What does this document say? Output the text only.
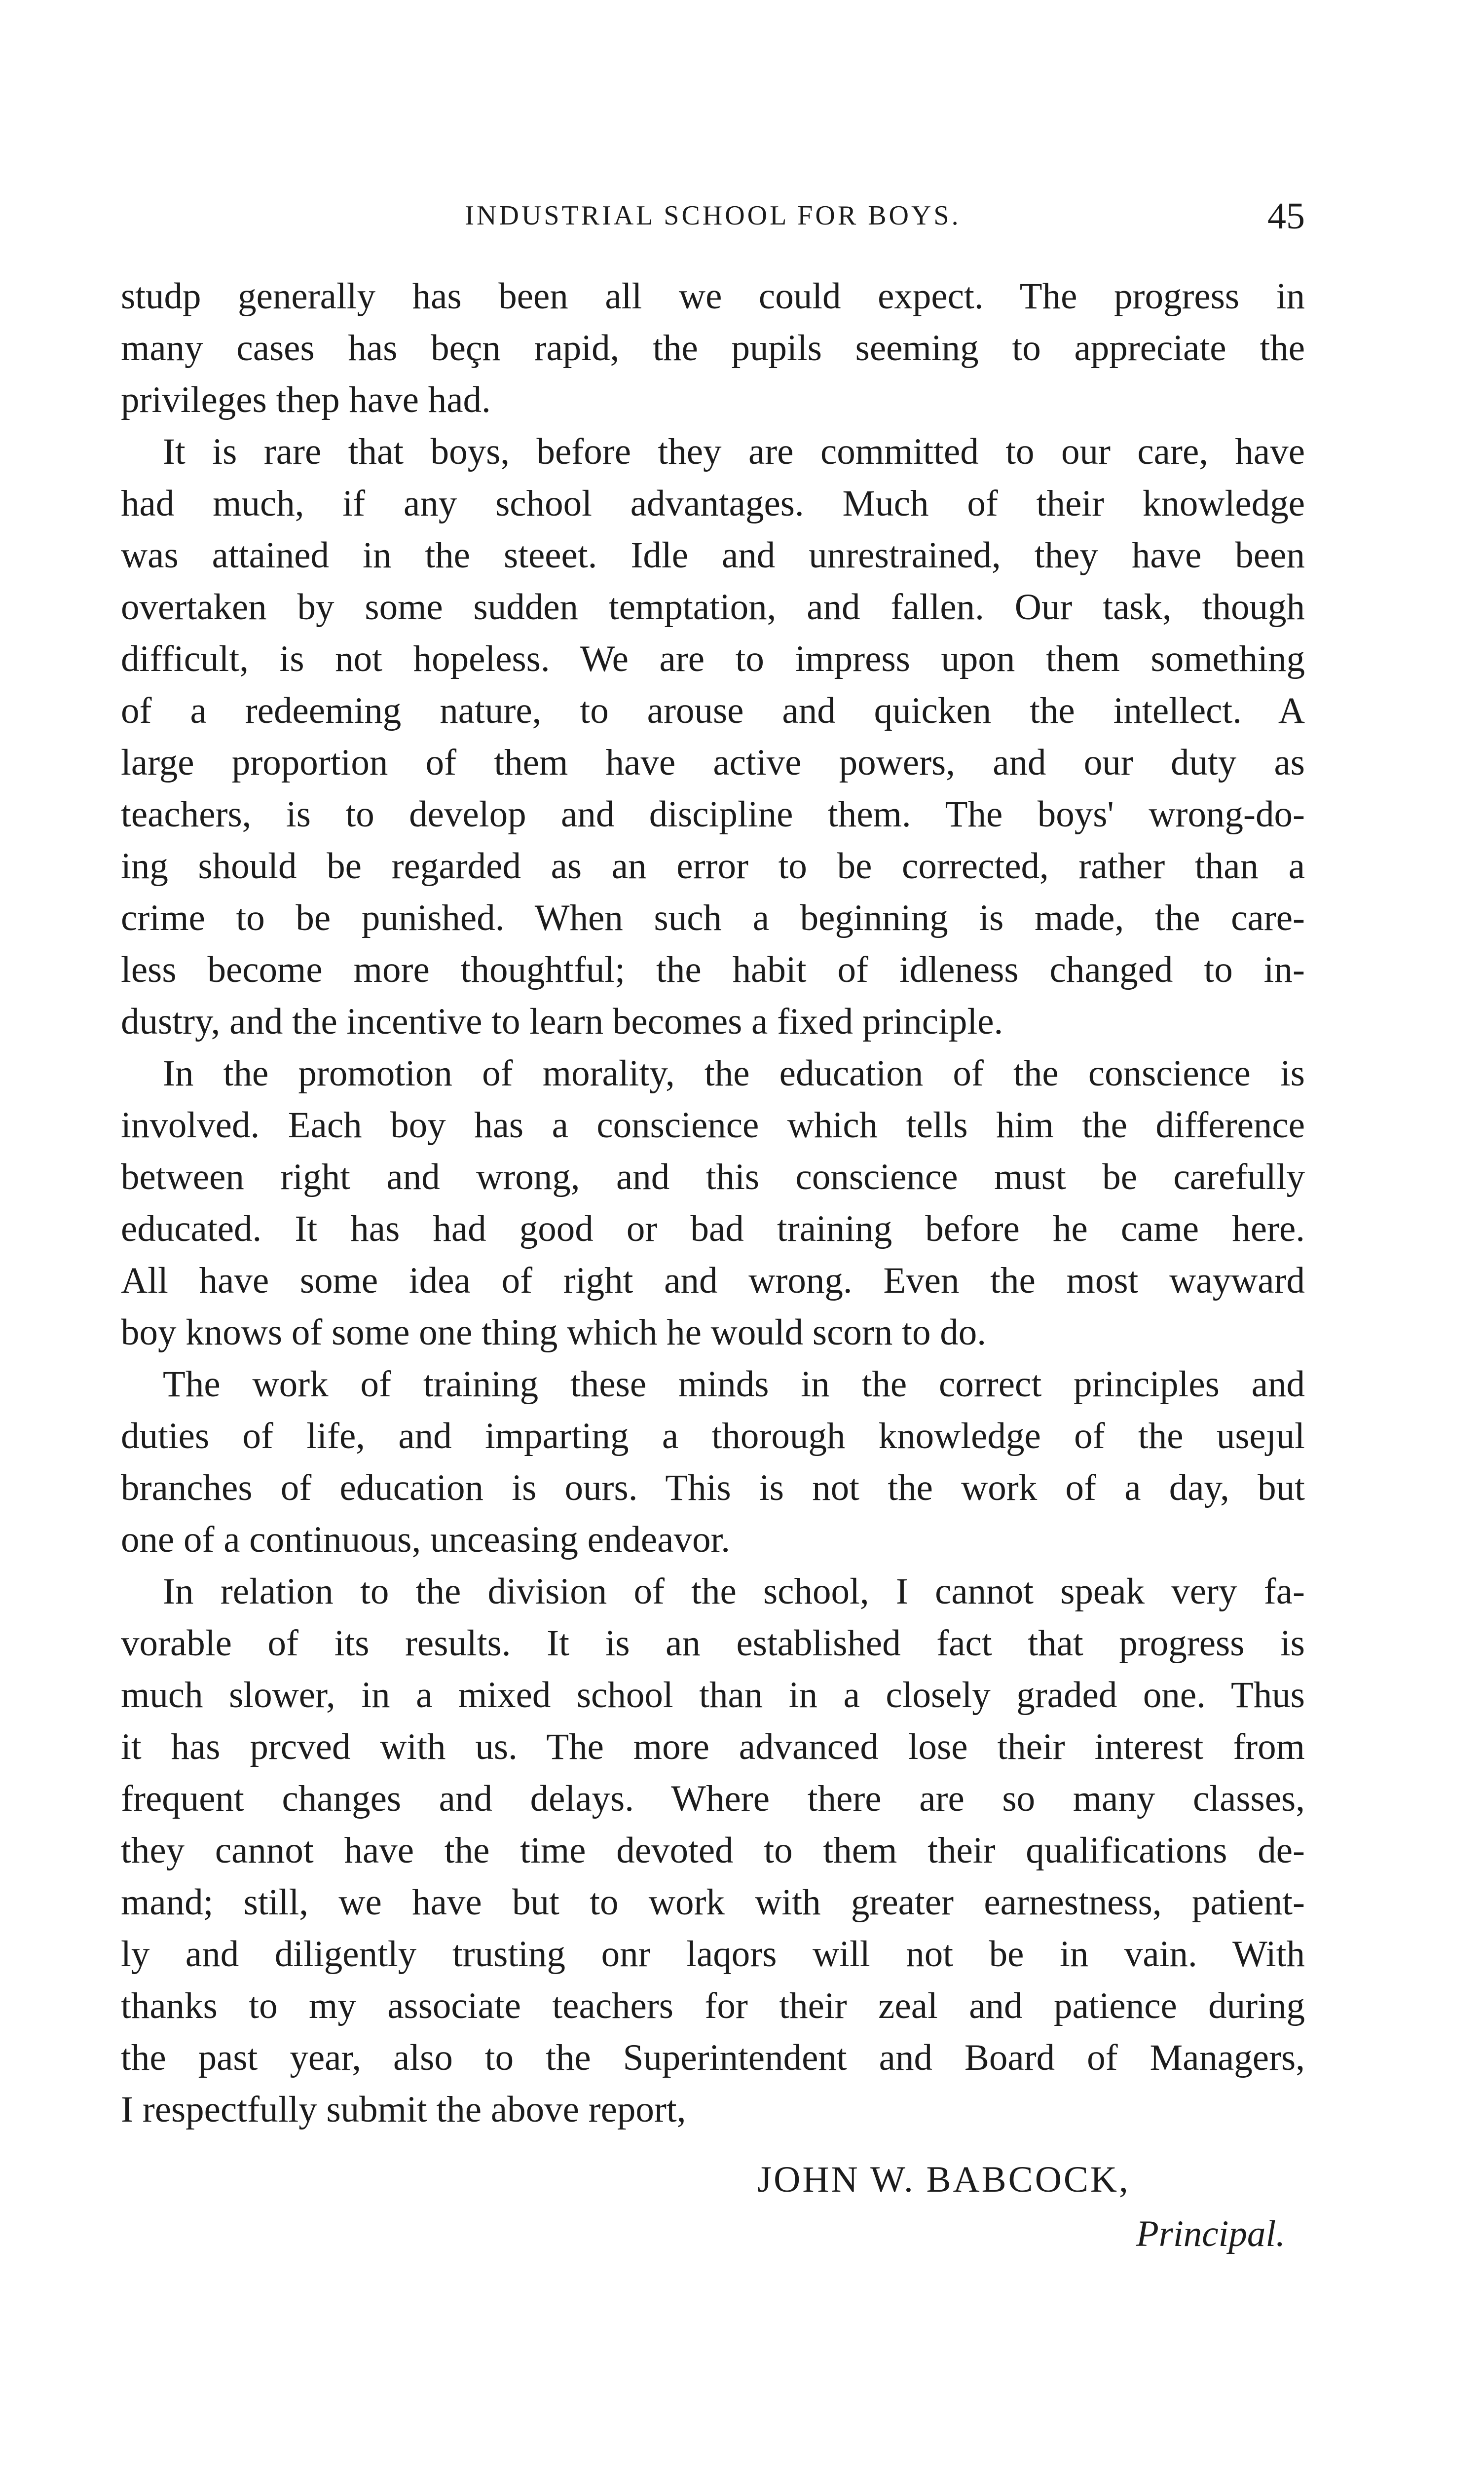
INDUSTRIAL SCHOOL FOR BOYS.	45

studp generally has been all we could expect. The progress in

many cases has beçn rapid, the pupils seeming to appreciate the

privileges thep have had.

It is rare that boys, before they are committed to our care, have

had much, if any school advantages. Much of their knowledge

was attained in the steeet. Idle and unrestrained, they have been

overtaken by some sudden temptation, and fallen. Our task, though

difficult, is not hopeless. We are to impress upon them something

of a redeeming nature, to arouse and quicken the intellect. A

large proportion of them have active powers, and our duty as

teachers, is to develop and discipline them. The boys' wrong-do-

ing should be regarded as an error to be corrected, rather than a

crime to be punished. When such a beginning is made, the care-

less become more thoughtful; the habit of idleness changed to in-

dustry, and the incentive to learn becomes a fixed principle.

In the promotion of morality, the education of the conscience is

involved. Each boy has a conscience which tells him the difference

between right and wrong, and this conscience must be carefully

educated. It has had good or bad training before he came here.

All have some idea of right and wrong. Even the most wayward

boy knows of some one thing which he would scorn to do.

The work of training these minds in the correct principles and

duties of life, and imparting a thorough knowledge of the useȷul

branches of education is ours. This is not the work of a day, but

one of a continuous, unceasing endeavor.

In relation to the division of the school, I cannot speak very fa-

vorable of its results. It is an established fact that progress is

much slower, in a mixed school than in a closely graded one. Thus

it has prcved with us. The more advanced lose their interest from

frequent changes and delays. Where there are so many classes,

they cannot have the time devoted to them their qualifications de-

mand; still, we have but to work with greater earnestness, patient-

ly and diligently trusting onr laqors will not be in vain. With

thanks to my associate teachers for their zeal and patience during

the past year, also to the Superintendent and Board of Managers,

I respectfully submit the above report,

JOHN W. BABCOCK,
Principal.
